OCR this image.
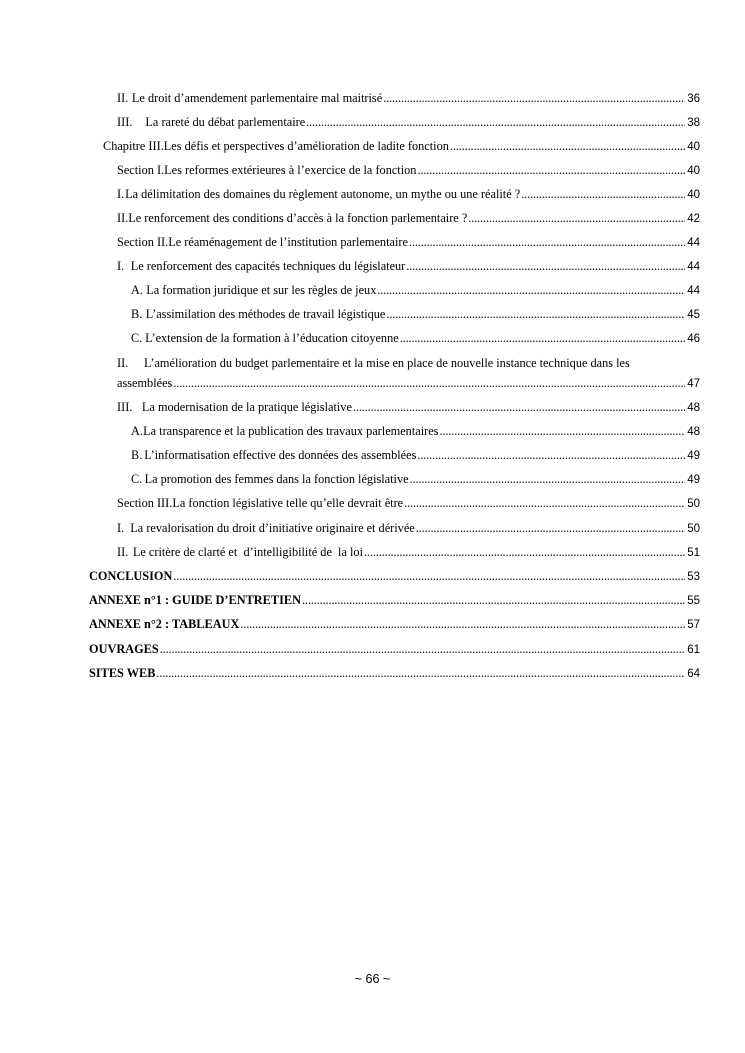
II. Le droit d’amendement parlementaire mal maitrisé . . .	36
III.	La rareté du débat parlementaire . . .	38
Chapitre III. Les défis et perspectives d’amélioration de ladite fonction . . .	40
Section I. Les reformes extérieures à l’exercice de la fonction . . .	40
I. La délimitation des domaines du règlement autonome, un mythe ou une réalité ? . . .	40
II. Le renforcement des conditions d’accès à la fonction parlementaire ? . . .	42
Section II. Le réaménagement de l’institution parlementaire . . .	44
I. Le renforcement des capacités techniques du législateur . . .	44
A. La formation juridique et sur les règles de jeux . . .	44
B. L’assimilation des méthodes de travail légistique . . .	45
C. L’extension de la formation à l’éducation citoyenne . . .	46
II. L’amélioration du budget parlementaire et la mise en place de nouvelle instance technique dans les
assemblées . . .	47
III. La modernisation de la pratique législative . . .	48
A. La transparence et la publication des travaux parlementaires . . .	48
B. L’informatisation effective des données des assemblées . . .	49
C. La promotion des femmes dans la fonction législative . . .	49
Section III. La fonction législative telle qu’elle devrait être . . .	50
I. La revalorisation du droit d’initiative originaire et dérivée . . .	50
II. Le critère de clarté et  d’intelligibilité de  la loi . . .	51
CONCLUSION . . .	53
ANNEXE n°1 : GUIDE D’ENTRETIEN . . .	55
ANNEXE n°2 : TABLEAUX . . .	57
OUVRAGES . . .	61
SITES WEB . . .	64
~ 66 ~
